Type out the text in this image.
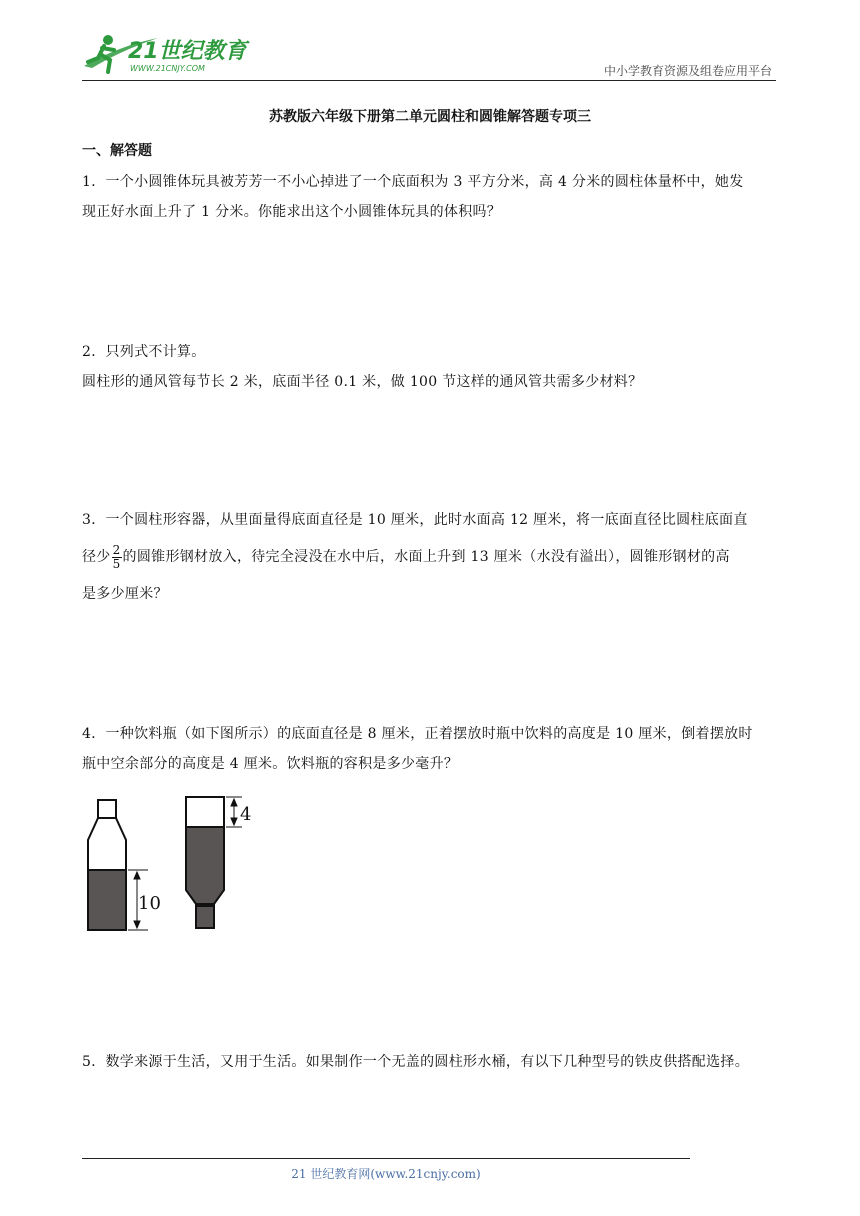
21世纪教育
WWW.21CNJY.COM	中小学教育资源及组卷应用平台
苏教版六年级下册第二单元圆柱和圆锥解答题专项三
一、解答题
1．一个小圆锥体玩具被芳芳一不小心掉进了一个底面积为 3 平方分米，高 4 分米的圆柱体量杯中，她发
现正好水面上升了 1 分米。你能求出这个小圆锥体玩具的体积吗？
2．只列式不计算。
圆柱形的通风管每节长 2 米，底面半径 0.1 米，做 100 节这样的通风管共需多少材料？
3．一个圆柱形容器，从里面量得底面直径是 10 厘米，此时水面高 12 厘米，将一底面直径比圆柱底面直
径少 $\frac{2}{5}$ 的圆锥形钢材放入，待完全浸没在水中后，水面上升到 13 厘米（水没有溢出），圆锥形钢材的高
是多少厘米？
4．一种饮料瓶（如下图所示）的底面直径是 8 厘米，正着摆放时瓶中饮料的高度是 10 厘米，倒着摆放时
瓶中空余部分的高度是 4 厘米。饮料瓶的容积是多少毫升？
10
4
5．数学来源于生活，又用于生活。如果制作一个无盖的圆柱形水桶，有以下几种型号的铁皮供搭配选择。
21 世纪教育网(www.21cnjy.com)
